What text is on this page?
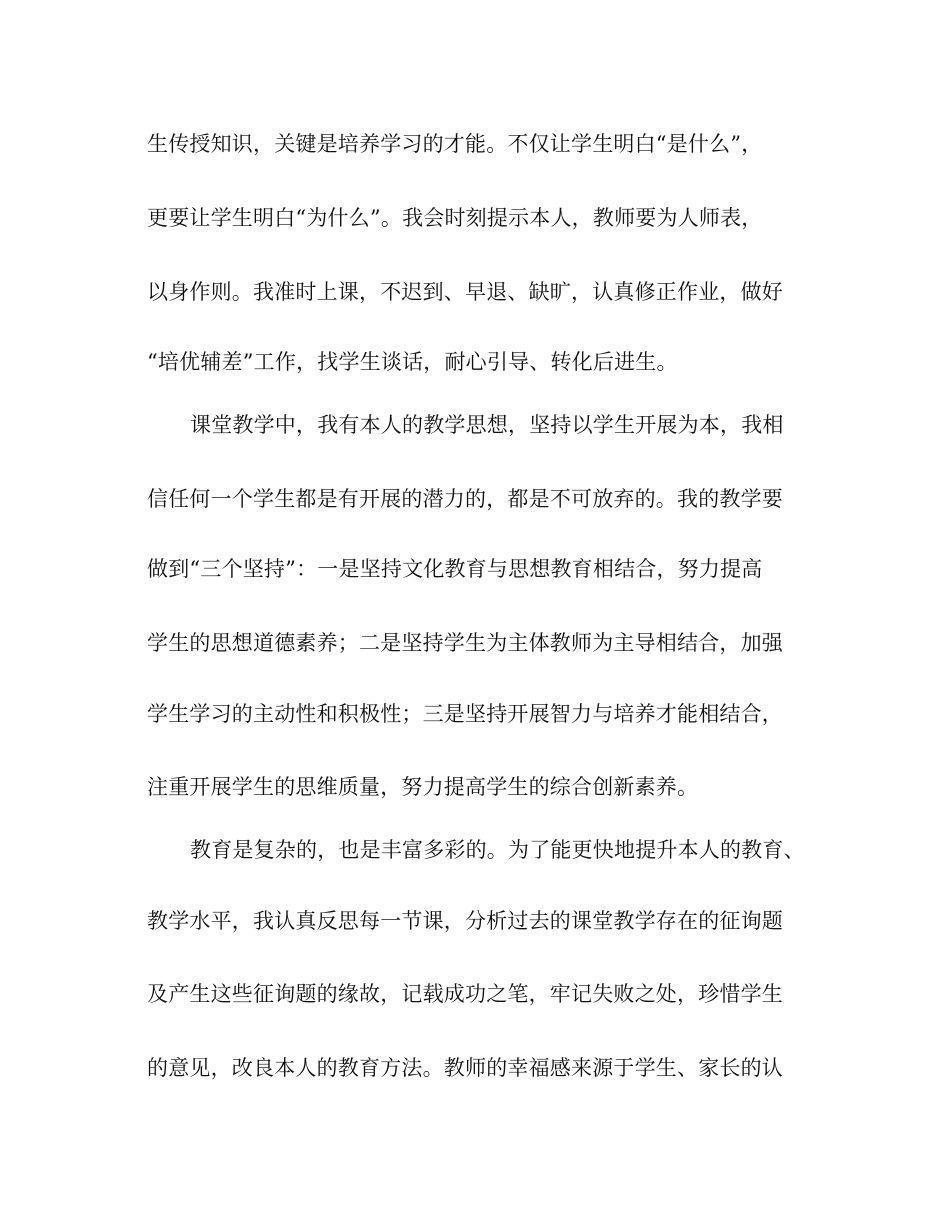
生传授知识，关键是培养学习的才能。不仅让学生明白“是什么”，

更要让学生明白“为什么”。我会时刻提示本人，教师要为人师表，

以身作则。我准时上课，不迟到、早退、缺旷，认真修正作业，做好

“培优辅差”工作，找学生谈话，耐心引导、转化后进生。

课堂教学中，我有本人的教学思想，坚持以学生开展为本，我相

信任何一个学生都是有开展的潜力的，都是不可放弃的。我的教学要

做到“三个坚持”：一是坚持文化教育与思想教育相结合，努力提高

学生的思想道德素养；二是坚持学生为主体教师为主导相结合，加强

学生学习的主动性和积极性；三是坚持开展智力与培养才能相结合，

注重开展学生的思维质量，努力提高学生的综合创新素养。

教育是复杂的，也是丰富多彩的。为了能更快地提升本人的教育、

教学水平，我认真反思每一节课，分析过去的课堂教学存在的征询题

及产生这些征询题的缘故，记载成功之笔，牢记失败之处，珍惜学生

的意见，改良本人的教育方法。教师的幸福感来源于学生、家长的认
